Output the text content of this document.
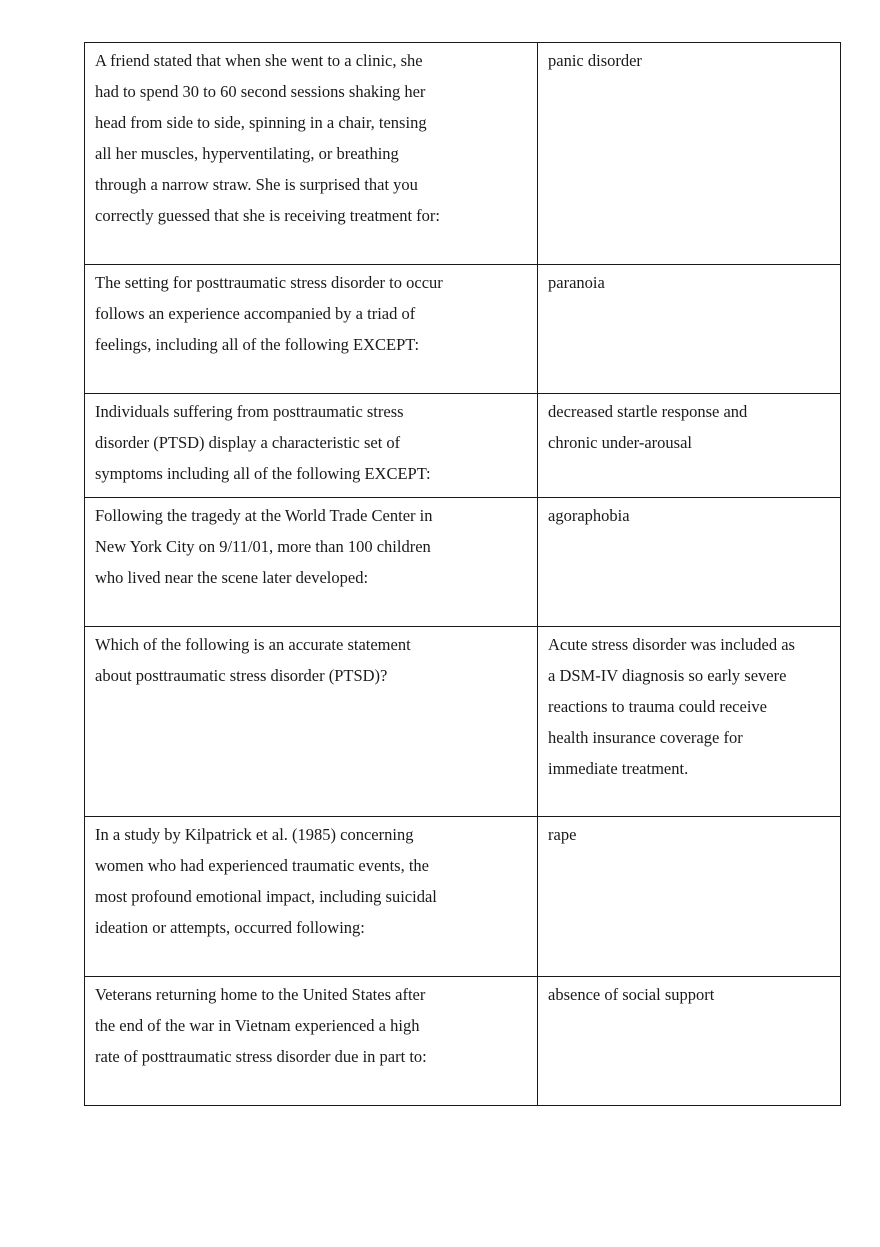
A friend stated that when she went to a clinic, she had to spend 30 to 60 second sessions shaking her head from side to side, spinning in a chair, tensing all her muscles, hyperventilating, or breathing through a narrow straw. She is surprised that you correctly guessed that she is receiving treatment for:	panic disorder

The setting for posttraumatic stress disorder to occur follows an experience accompanied by a triad of feelings, including all of the following EXCEPT:	paranoia

Individuals suffering from posttraumatic stress disorder (PTSD) display a characteristic set of symptoms including all of the following EXCEPT:	decreased startle response and chronic under-arousal

Following the tragedy at the World Trade Center in New York City on 9/11/01, more than 100 children who lived near the scene later developed:	agoraphobia

Which of the following is an accurate statement about posttraumatic stress disorder (PTSD)?	Acute stress disorder was included as a DSM-IV diagnosis so early severe reactions to trauma could receive health insurance coverage for immediate treatment.

In a study by Kilpatrick et al. (1985) concerning women who had experienced traumatic events, the most profound emotional impact, including suicidal ideation or attempts, occurred following:	rape

Veterans returning home to the United States after the end of the war in Vietnam experienced a high rate of posttraumatic stress disorder due in part to:	absence of social support
